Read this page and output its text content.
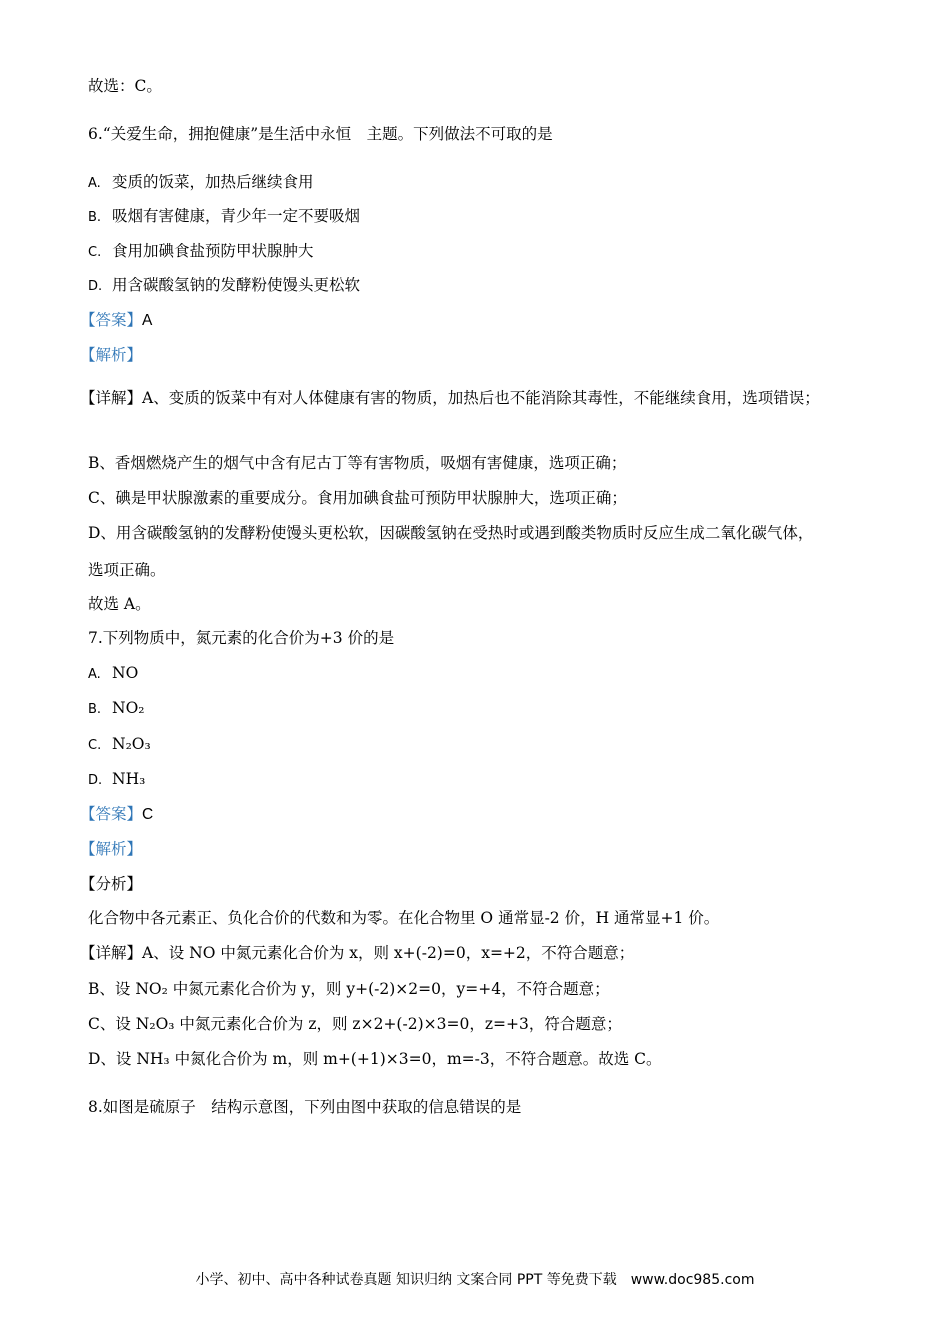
故选：C。
6.“关爱生命，拥抱健康”是生活中永恒　主题。下列做法不可取的是
A. 变质的饭菜，加热后继续食用
B. 吸烟有害健康，青少年一定不要吸烟
C. 食用加碘食盐预防甲状腺肿大
D. 用含碳酸氢钠的发酵粉使馒头更松软
【答案】A
【解析】
【详解】A、变质的饭菜中有对人体健康有害的物质，加热后也不能消除其毒性，不能继续食用，选项错误；
B、香烟燃烧产生的烟气中含有尼古丁等有害物质，吸烟有害健康，选项正确；
C、碘是甲状腺激素的重要成分。食用加碘食盐可预防甲状腺肿大，选项正确；
D、用含碳酸氢钠的发酵粉使馒头更松软，因碳酸氢钠在受热时或遇到酸类物质时反应生成二氧化碳气体，
选项正确。
故选 A。
7.下列物质中，氮元素的化合价为+3 价的是
A. NO
B. NO₂
C. N₂O₃
D. NH₃
【答案】C
【解析】
【分析】
化合物中各元素正、负化合价的代数和为零。在化合物里 O 通常显-2 价，H 通常显+1 价。
【详解】A、设 NO 中氮元素化合价为 x，则 x+(-2)=0，x=+2，不符合题意；
B、设 NO₂ 中氮元素化合价为 y，则 y+(-2)×2=0，y=+4，不符合题意；
C、设 N₂O₃ 中氮元素化合价为 z，则 z×2+(-2)×3=0，z=+3，符合题意；
D、设 NH₃ 中氮化合价为 m，则 m+(+1)×3=0，m=-3，不符合题意。故选 C。
8.如图是硫原子　结构示意图，下列由图中获取的信息错误的是
小学、初中、高中各种试卷真题 知识归纳 文案合同 PPT 等免费下载　www.doc985.com
